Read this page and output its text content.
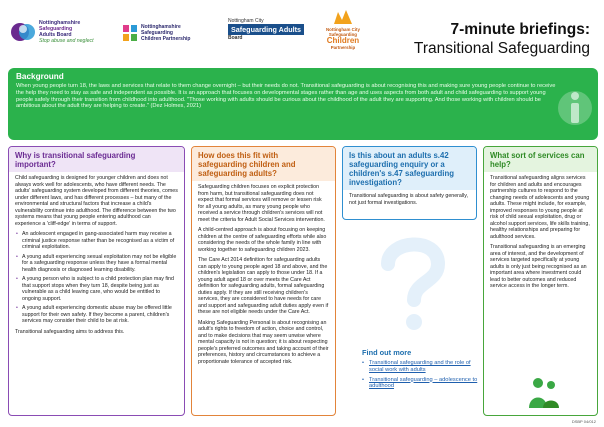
Nottinghamshire
Safeguarding
Adults Board
Stop abuse and neglect
Nottinghamshire
Safeguarding
Children Partnership
Nottingham City
Safeguarding Adults
Board
Nottingham City
Safeguarding
Children
Partnership
7-minute briefings:
Transitional Safeguarding
Background

When young people turn 18, the laws and services that relate to them change overnight – but their needs do not. Transitional safeguarding is about recognising this and making sure young people continue to receive the help they need to stay as safe and independent as possible. It is an approach that focuses on developmental stages rather than age and uses aspects from both adult and child safeguarding to support young people safely through their transition from childhood into adulthood. "Those working with adults should be curious about the childhood of the adult they are supporting. And those working with children should be ambitious about the adult they are helping to create." (Dez Holmes, 2021)

Why is transitional safeguarding important?

Child safeguarding is designed for younger children and does not always work well for adolescents, who have different needs. The adults' safeguarding system developed from different theories, comes under different laws, and has different processes – but many of the environmental and structural factors that increase a child's vulnerability continue into adulthood. The difference between the two systems means that young people entering adulthood can experience a 'cliff-edge' in terms of support.

• An adolescent engaged in gang-associated harm may receive a criminal justice response rather than be recognised as a victim of criminal exploitation.
• A young adult experiencing sexual exploitation may not be eligible for a safeguarding response unless they have a formal mental health diagnosis or diagnosed learning disability.
• A young person who is subject to a child protection plan may find that support stops when they turn 18, despite being just as vulnerable as a child leaving care, who would be entitled to ongoing support.
• A young adult experiencing domestic abuse may be offered little support for their own safety. If they become a parent, children's services may consider their child to be at risk.

Transitional safeguarding aims to address this.

How does this fit with safeguarding children and safeguarding adults?

Safeguarding children focuses on explicit protection from harm, but transitional safeguarding does not expect that formal services will remove or lessen risk for all young adults, as many young people who received a service through children's services will not meet the criteria for Adult Social Services intervention.

A child-centred approach is about focusing on keeping children at the centre of safeguarding efforts while also considering the needs of the whole family in line with working together to safeguarding children 2023.

The Care Act 2014 definition for safeguarding adults can apply to young people aged 18 and above, and the children's legislation can apply to those under 18. If a young adult aged 18 or over meets the Care Act definition for safeguarding adults, formal safeguarding duties apply. If they are still receiving children's services, they are considered to have needs for care and support and safeguarding adult duties apply even if these are not eligible needs under the Care Act.

Making Safeguarding Personal is about recognising an adult's rights to freedom of action, choice and control, and to make decisions that may seem unwise where mental capacity is not in question; it is about respecting people's preferred outcomes and taking account of their preferences, history and circumstances to achieve a proportionate tolerance of accepted risk.

Is this about an adults s.42 safeguarding enquiry or a children's s.47 safeguarding investigation?

Transitional safeguarding is about safety generally, not just formal investigations.

Find out more
• Transitional safeguarding and the role of social work with adults
• Transitional safeguarding – adolescence to adulthood
What sort of services can help?

Transitional safeguarding aligns services for children and adults and encourages partnership cultures to respond to the changing needs of adolescents and young adults. These might include, for example, improved responses to young people at risk of child sexual exploitation, drug or alcohol support services, life skills training, healthy relationships and preparing for adulthood services.

Transitional safeguarding is an emerging area of interest, and the development of services targeted specifically at young adults is only just being recognised as an important area where investment could lead to better outcomes and reduced service access in the longer term.

DSBP 04/012
